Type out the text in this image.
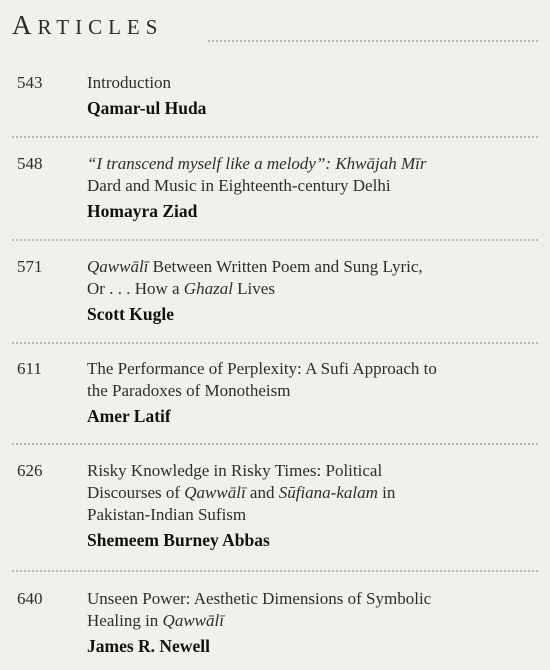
ARTICLES
543	Introduction
Qamar-ul Huda
548	“I transcend myself like a melody”: Khwājah Mīr
Dard and Music in Eighteenth-century Delhi
Homayra Ziad
571	Qawwālī Between Written Poem and Sung Lyric,
Or . . . How a Ghazal Lives
Scott Kugle
611	The Performance of Perplexity: A Sufi Approach to
the Paradoxes of Monotheism
Amer Latif
626	Risky Knowledge in Risky Times: Political
Discourses of Qawwālī and Sūfiana-kalam in
Pakistan-Indian Sufism
Shemeem Burney Abbas
640	Unseen Power: Aesthetic Dimensions of Symbolic
Healing in Qawwālī
James R. Newell
